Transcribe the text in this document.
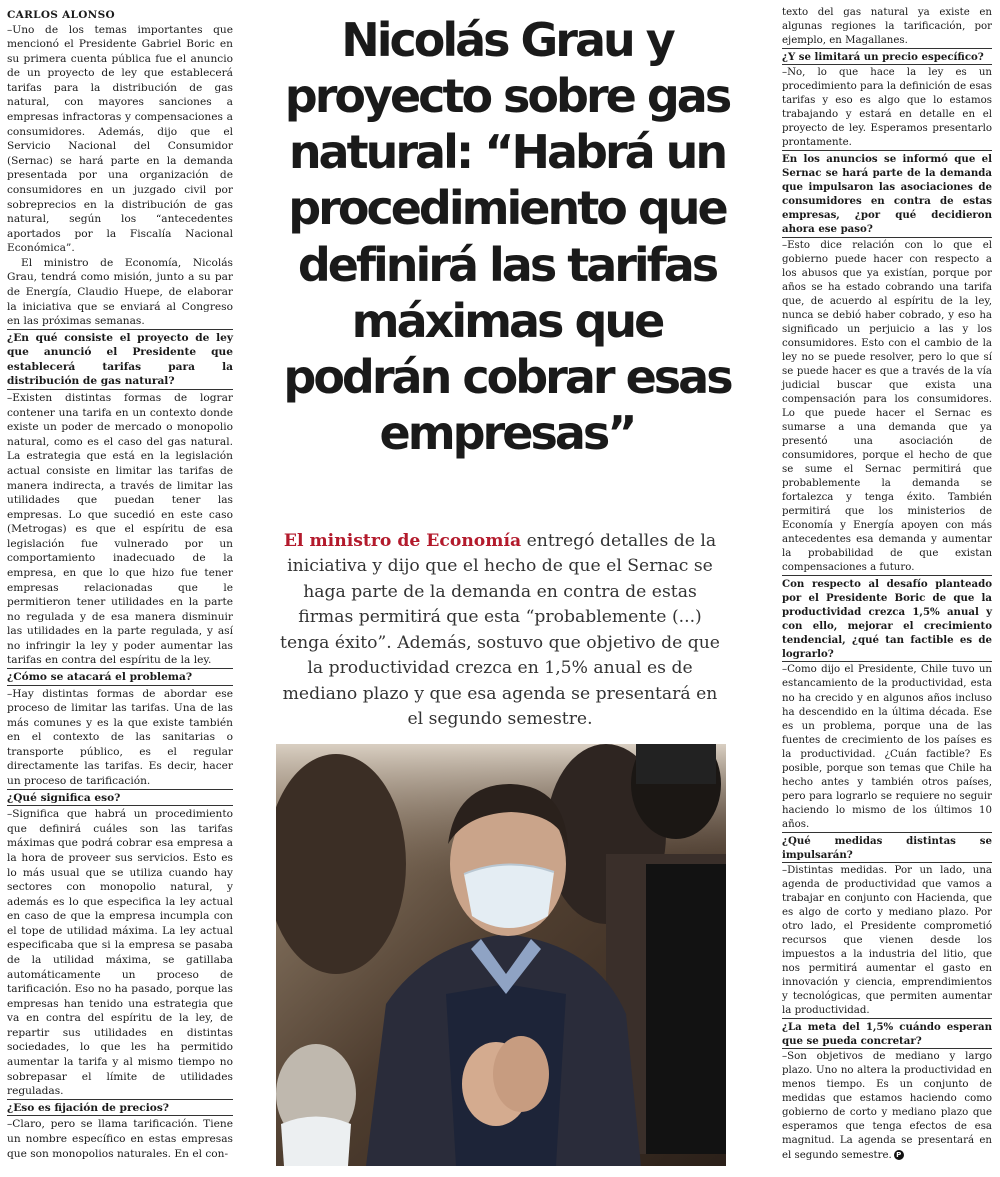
CARLOS ALONSO

–Uno de los temas importantes que mencionó el Presidente Gabriel Boric en su primera cuenta pública fue el anuncio de un proyecto de ley que establecerá tarifas para la distribución de gas natural, con mayores sanciones a empresas infractoras y compensaciones a consumidores. Además, dijo que el Servicio Nacional del Consumidor (Sernac) se hará parte en la demanda presentada por una organización de consumidores en un juzgado civil por sobreprecios en la distribución de gas natural, según los “antecedentes aportados por la Fiscalía Nacional Económica”.

El ministro de Economía, Nicolás Grau, tendrá como misión, junto a su par de Energía, Claudio Huepe, de elaborar la iniciativa que se enviará al Congreso en las próximas semanas.

¿En qué consiste el proyecto de ley que anunció el Presidente que establecerá tarifas para la distribución de gas natural?

–Existen distintas formas de lograr contener una tarifa en un contexto donde existe un poder de mercado o monopolio natural, como es el caso del gas natural. La estrategia que está en la legislación actual consiste en limitar las tarifas de manera indirecta, a través de limitar las utilidades que puedan tener las empresas. Lo que sucedió en este caso (Metrogas) es que el espíritu de esa legislación fue vulnerado por un comportamiento inadecuado de la empresa, en que lo que hizo fue tener empresas relacionadas que le permitieron tener utilidades en la parte no regulada y de esa manera disminuir las utilidades en la parte regulada, y así no infringir la ley y poder aumentar las tarifas en contra del espíritu de la ley.

¿Cómo se atacará el problema?

–Hay distintas formas de abordar ese proceso de limitar las tarifas. Una de las más comunes y es la que existe también en el contexto de las sanitarias o transporte público, es el regular directamente las tarifas. Es decir, hacer un proceso de tarificación.

¿Qué significa eso?

–Significa que habrá un procedimiento que definirá cuáles son las tarifas máximas que podrá cobrar esa empresa a la hora de proveer sus servicios. Esto es lo más usual que se utiliza cuando hay sectores con monopolio natural, y además es lo que especifica la ley actual en caso de que la empresa incumpla con el tope de utilidad máxima. La ley actual especificaba que si la empresa se pasaba de la utilidad máxima, se gatillaba automáticamente un proceso de tarificación. Eso no ha pasado, porque las empresas han tenido una estrategia que va en contra del espíritu de la ley, de repartir sus utilidades en distintas sociedades, lo que les ha permitido aumentar la tarifa y al mismo tiempo no sobrepasar el límite de utilidades reguladas.

¿Eso es fijación de precios?

–Claro, pero se llama tarificación. Tiene un nombre específico en estas empresas que son monopolios naturales. En el con-

Nicolás Grau y proyecto sobre gas natural: “Habrá un procedimiento que definirá las tarifas máximas que podrán cobrar esas empresas”

El ministro de Economía entregó detalles de la iniciativa y dijo que el hecho de que el Sernac se haga parte de la demanda en contra de estas firmas permitirá que esta “probablemente (...) tenga éxito”. Además, sostuvo que objetivo de que la productividad crezca en 1,5% anual es de mediano plazo y que esa agenda se presentará en el segundo semestre.

texto del gas natural ya existe en algunas regiones la tarificación, por ejemplo, en Magallanes.

¿Y se limitará un precio específico?

–No, lo que hace la ley es un procedimiento para la definición de esas tarifas y eso es algo que lo estamos trabajando y estará en detalle en el proyecto de ley. Esperamos presentarlo prontamente.

En los anuncios se informó que el Sernac se hará parte de la demanda que impulsaron las asociaciones de consumidores en contra de estas empresas, ¿por qué decidieron ahora ese paso?

–Esto dice relación con lo que el gobierno puede hacer con respecto a los abusos que ya existían, porque por años se ha estado cobrando una tarifa que, de acuerdo al espíritu de la ley, nunca se debió haber cobrado, y eso ha significado un perjuicio a las y los consumidores. Esto con el cambio de la ley no se puede resolver, pero lo que sí se puede hacer es que a través de la vía judicial buscar que exista una compensación para los consumidores. Lo que puede hacer el Sernac es sumarse a una demanda que ya presentó una asociación de consumidores, porque el hecho de que se sume el Sernac permitirá que probablemente la demanda se fortalezca y tenga éxito. También permitirá que los ministerios de Economía y Energía apoyen con más antecedentes esa demanda y aumentar la probabilidad de que existan compensaciones a futuro.

Con respecto al desafío planteado por el Presidente Boric de que la productividad crezca 1,5% anual y con ello, mejorar el crecimiento tendencial, ¿qué tan factible es de lograrlo?

–Como dijo el Presidente, Chile tuvo un estancamiento de la productividad, esta no ha crecido y en algunos años incluso ha descendido en la última década. Ese es un problema, porque una de las fuentes de crecimiento de los países es la productividad. ¿Cuán factible? Es posible, porque son temas que Chile ha hecho antes y también otros países, pero para lograrlo se requiere no seguir haciendo lo mismo de los últimos 10 años.

¿Qué medidas distintas se impulsarán?

–Distintas medidas. Por un lado, una agenda de productividad que vamos a trabajar en conjunto con Hacienda, que es algo de corto y mediano plazo. Por otro lado, el Presidente comprometió recursos que vienen desde los impuestos a la industria del litio, que nos permitirá aumentar el gasto en innovación y ciencia, emprendimientos y tecnológicas, que permiten aumentar la productividad.

¿La meta del 1,5% cuándo esperan que se pueda concretar?

–Son objetivos de mediano y largo plazo. Uno no altera la productividad en menos tiempo. Es un conjunto de medidas que estamos haciendo como gobierno de corto y mediano plazo que esperamos que tenga efectos de esa magnitud. La agenda se presentará en el segundo semestre. P
